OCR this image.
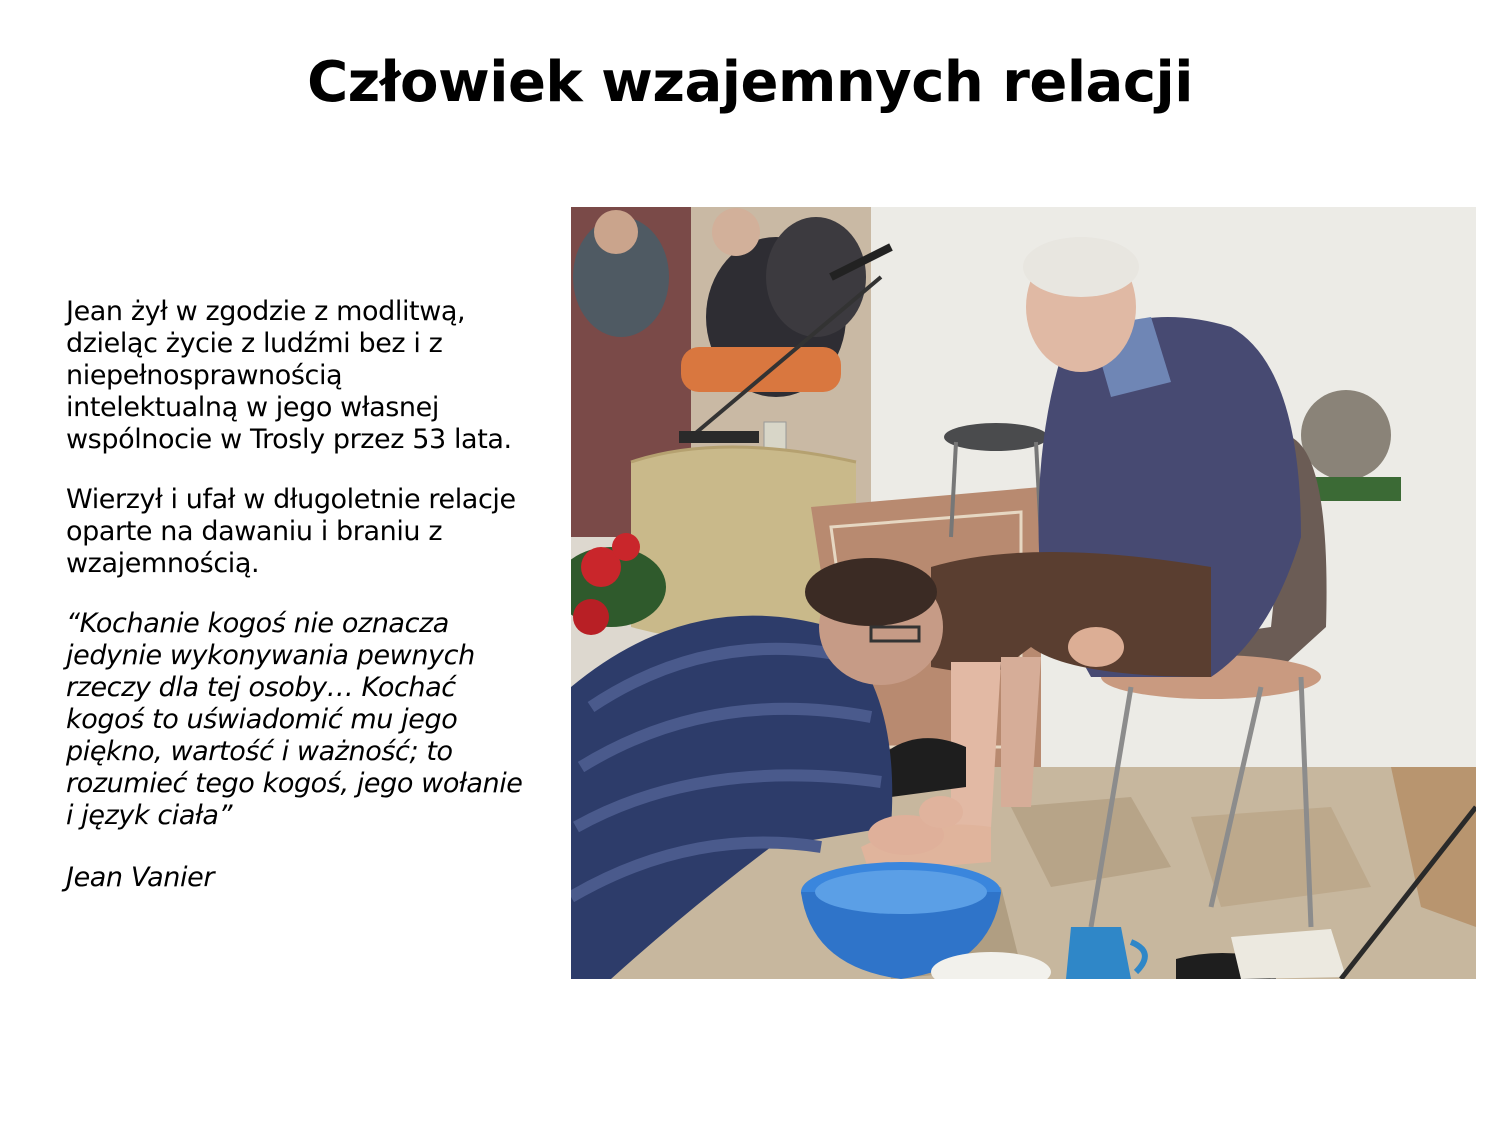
Człowiek wzajemnych relacji

Jean żył w zgodzie z modlitwą,
dzieląc życie z ludźmi bez i z
niepełnosprawnością
intelektualną w jego własnej
wspólnocie w Trosly przez 53 lata.

Wierzył i ufał w długoletnie relacje
oparte na dawaniu i braniu z
wzajemnością.

“Kochanie kogoś nie oznacza
jedynie wykonywania pewnych
rzeczy dla tej osoby… Kochać
kogoś to uświadomić mu jego
piękno, wartość i ważność; to
rozumieć tego kogoś, jego wołanie
i język ciała”

Jean Vanier
